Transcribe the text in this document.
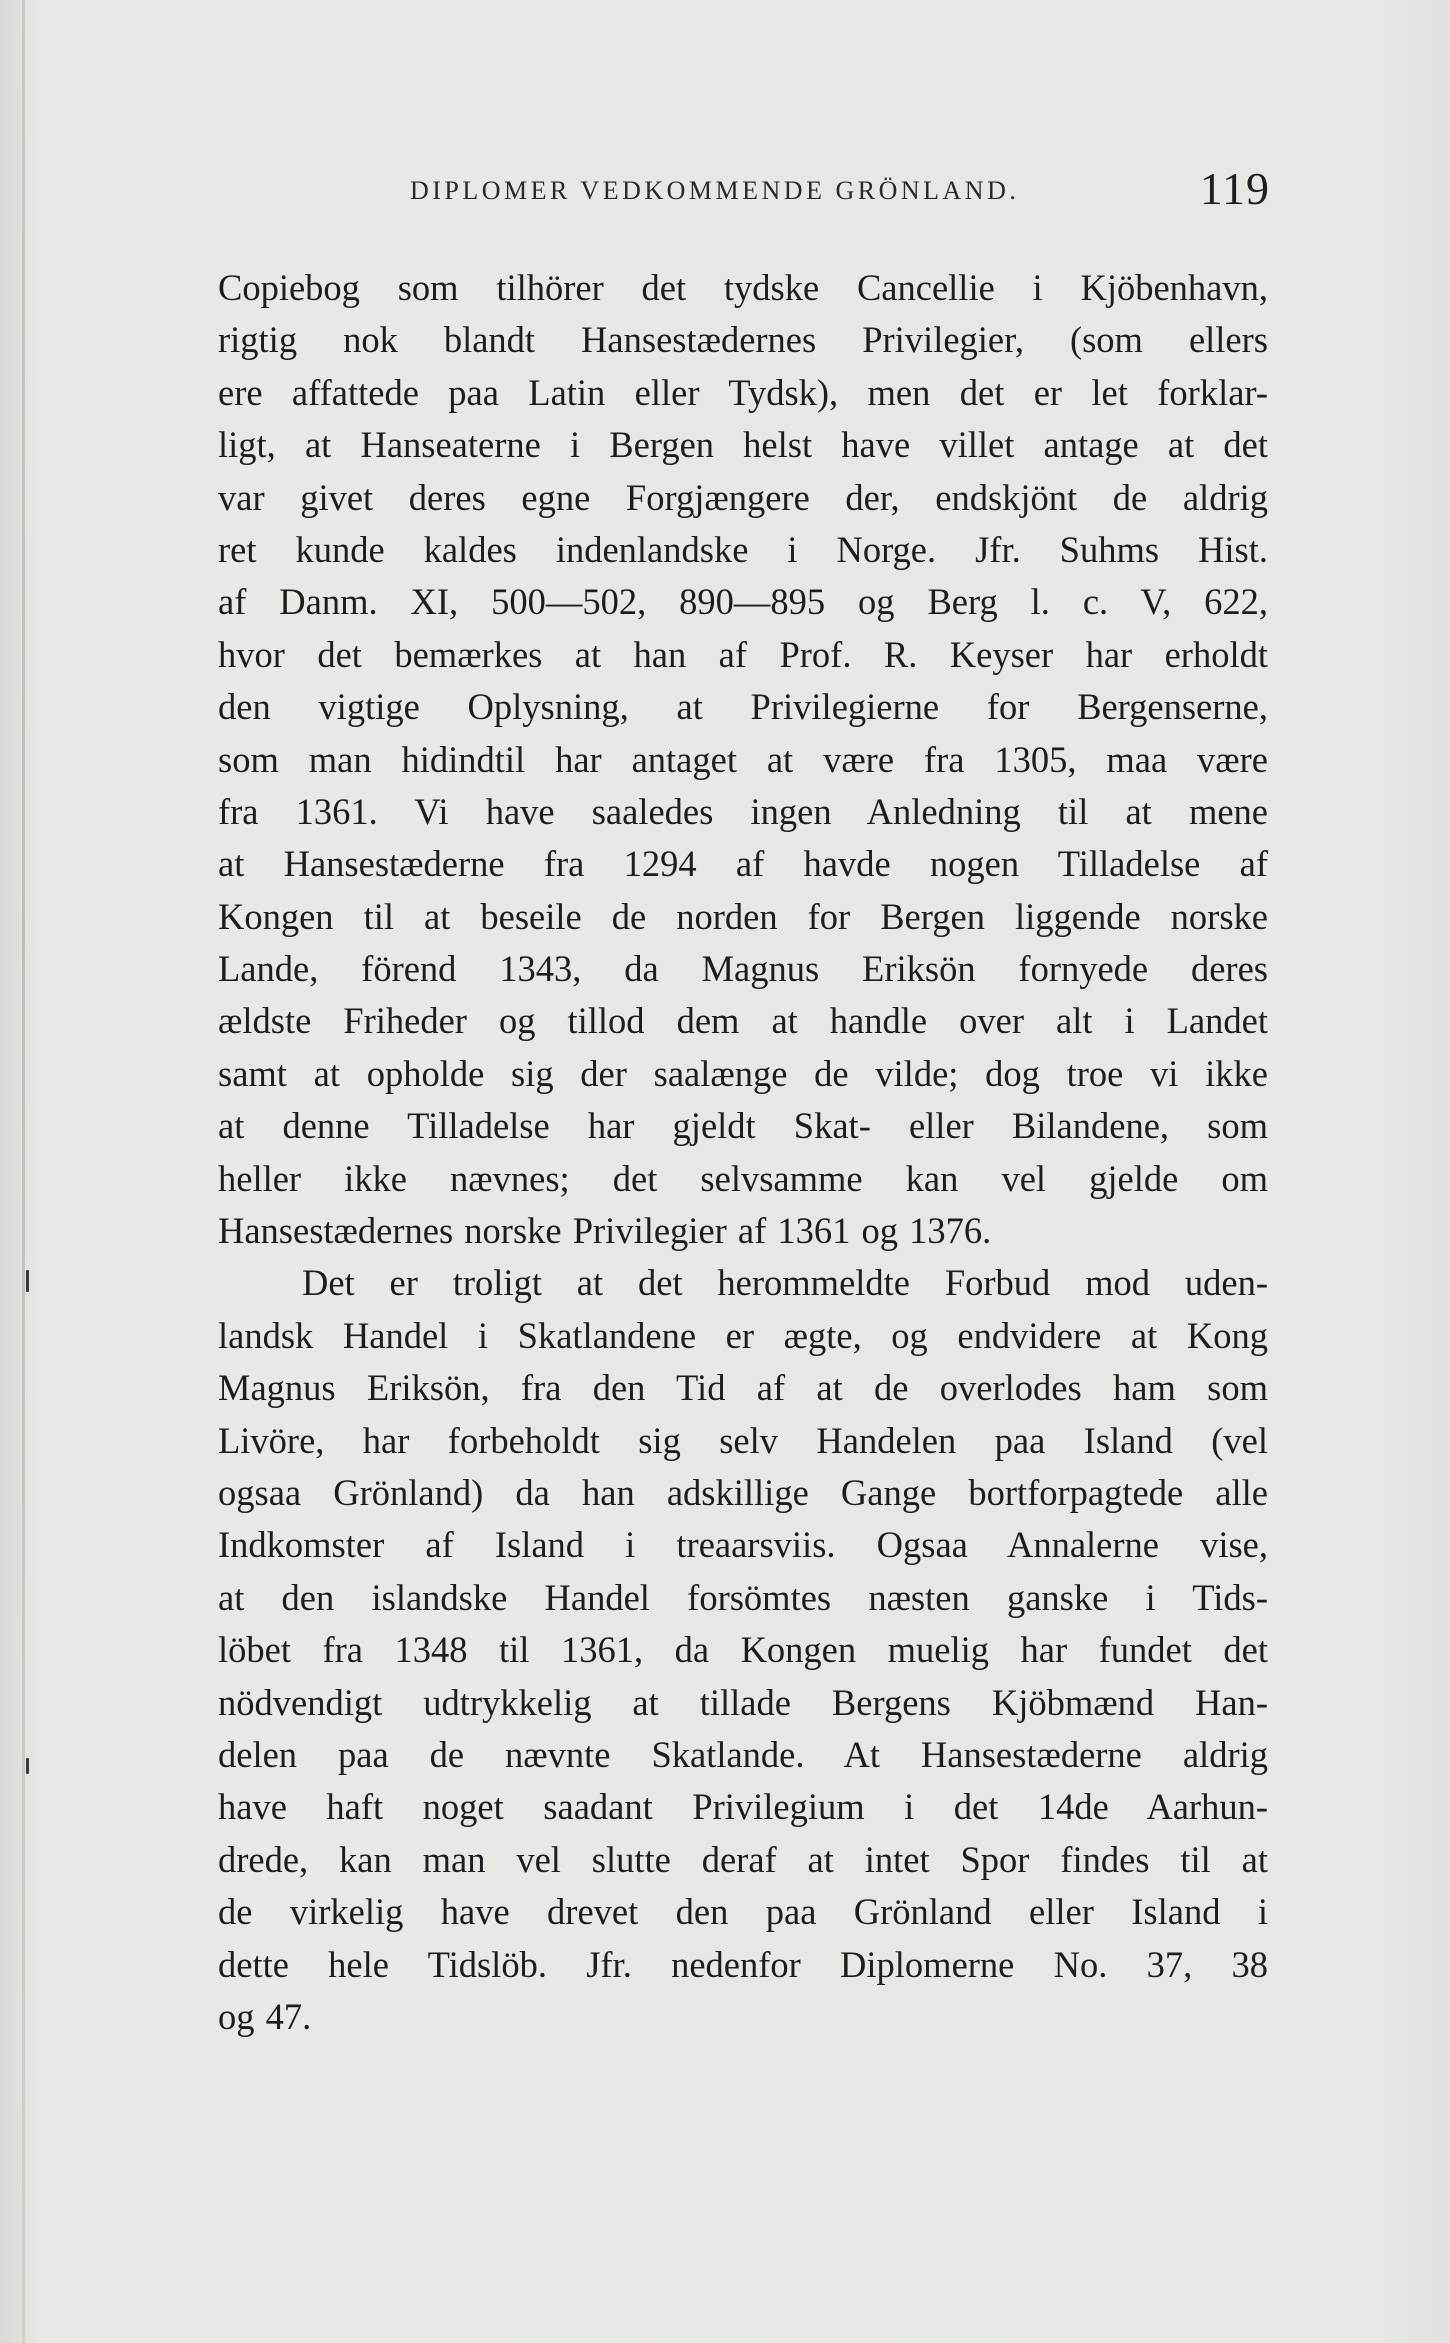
DIPLOMER VEDKOMMENDE GRÖNLAND.	119
Copiebog som tilhörer det tydske Cancellie i Kjöbenhavn,
rigtig nok blandt Hansestædernes Privilegier, (som ellers
ere affattede paa Latin eller Tydsk), men det er let forklar-
ligt, at Hanseaterne i Bergen helst have villet antage at det
var givet deres egne Forgjængere der, endskjönt de aldrig
ret kunde kaldes indenlandske i Norge. Jfr. Suhms Hist.
af Danm. XI, 500—502, 890—895 og Berg l. c. V, 622,
hvor det bemærkes at han af Prof. R. Keyser har erholdt
den vigtige Oplysning, at Privilegierne for Bergenserne,
som man hidindtil har antaget at være fra 1305, maa være
fra 1361. Vi have saaledes ingen Anledning til at mene
at Hansestæderne fra 1294 af havde nogen Tilladelse af
Kongen til at beseile de norden for Bergen liggende norske
Lande, förend 1343, da Magnus Eriksön fornyede deres
ældste Friheder og tillod dem at handle over alt i Landet
samt at opholde sig der saalænge de vilde; dog troe vi ikke
at denne Tilladelse har gjeldt Skat- eller Bilandene, som
heller ikke nævnes; det selvsamme kan vel gjelde om
Hansestædernes norske Privilegier af 1361 og 1376.
Det er troligt at det herommeldte Forbud mod uden-
landsk Handel i Skatlandene er ægte, og endvidere at Kong
Magnus Eriksön, fra den Tid af at de overlodes ham som
Livöre, har forbeholdt sig selv Handelen paa Island (vel
ogsaa Grönland) da han adskillige Gange bortforpagtede alle
Indkomster af Island i treaarsviis. Ogsaa Annalerne vise,
at den islandske Handel forsömtes næsten ganske i Tids-
löbet fra 1348 til 1361, da Kongen muelig har fundet det
nödvendigt udtrykkelig at tillade Bergens Kjöbmænd Han-
delen paa de nævnte Skatlande. At Hansestæderne aldrig
have haft noget saadant Privilegium i det 14de Aarhun-
drede, kan man vel slutte deraf at intet Spor findes til at
de virkelig have drevet den paa Grönland eller Island i
dette hele Tidslöb. Jfr. nedenfor Diplomerne No. 37, 38
og 47.
